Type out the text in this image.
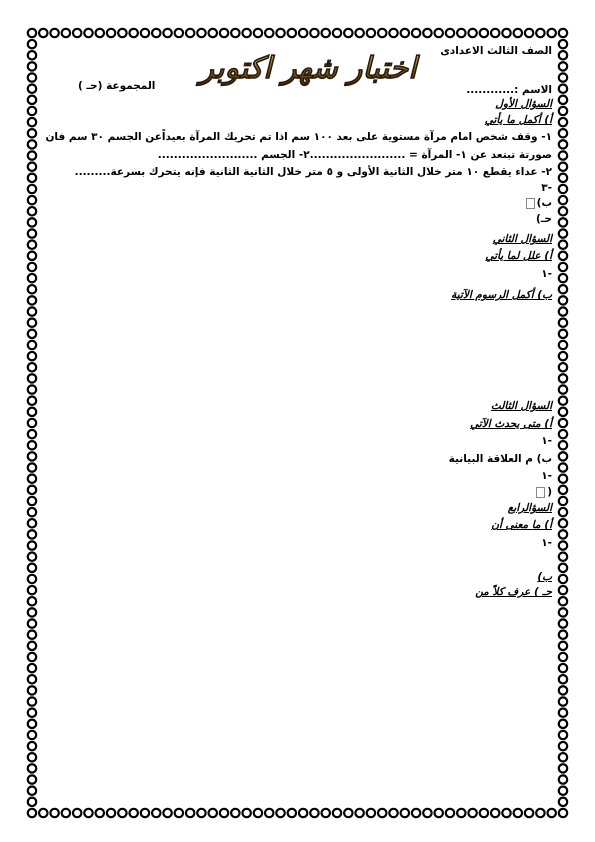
الصف الثالث الاعدادى
اختبار شهر اكتوبر
المجموعة (حـ )	الاسم :............
السؤال الأول
أ) أكمل ما يأتي
١- وقف شخص امام مرآة مستوية على بعد ١٠٠ سم اذا تم تحريك المرآة بعيداًعن الجسم ٣٠ سم فان
صورتة تبتعد عن ١- المرآة = ........................٢- الجسم .........................
٢- عداء يقطع ١٠ متر خلال الثانية الأولى و ٥ متر خلال الثانية الثانية فإنه يتحرك بسرعة.........
-٣
ب)
حـ)
السؤال الثاني
أ) علل لما يأتي
-١
ب) أكمل الرسوم الآتية
السؤال الثالث
أ) متى يحدث الآتي
-١
ب) م العلاقة البيانية
-١
(
السؤالرابع
أ) ما معنى أن
-١
ب)
حـ ) عرف كلاً من
